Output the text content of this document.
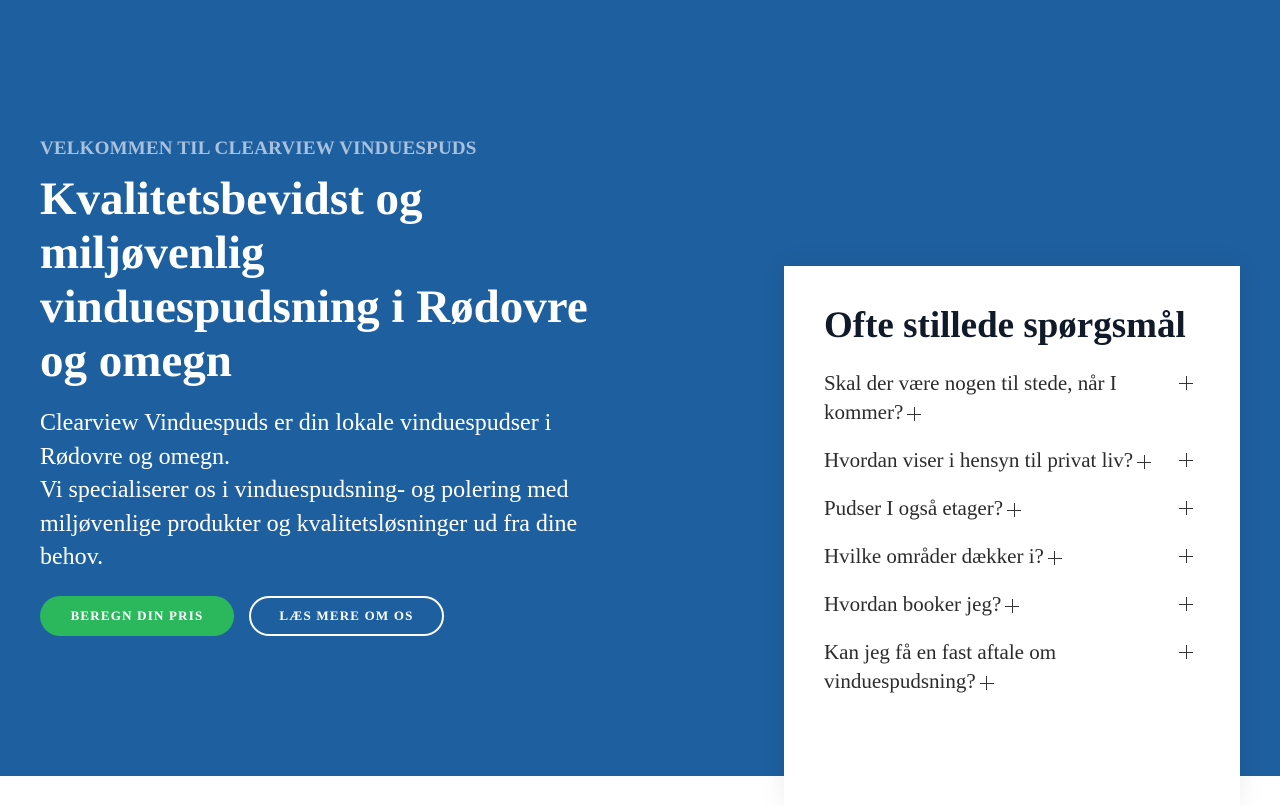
VELKOMMEN TIL CLEARVIEW VINDUESPUDS
Kvalitetsbevidst og miljøvenlig vinduespudsning i Rødovre og omegn

Clearview Vinduespuds er din lokale vinduespudser i Rødovre og omegn.

Vi specialiserer os i vinduespudsning- og polering med miljøvenlige produkter og kvalitetsløsninger ud fra dine behov.

BEREGN DIN PRIS	LÆS MERE OM OS
Ofte stillede spørgsmål
Skal der være nogen til stede, når I kommer?
Hvordan viser i hensyn til privat liv?
Pudser I også etager?
Hvilke områder dækker i?
Hvordan booker jeg?
Kan jeg få en fast aftale om vinduespudsning?
